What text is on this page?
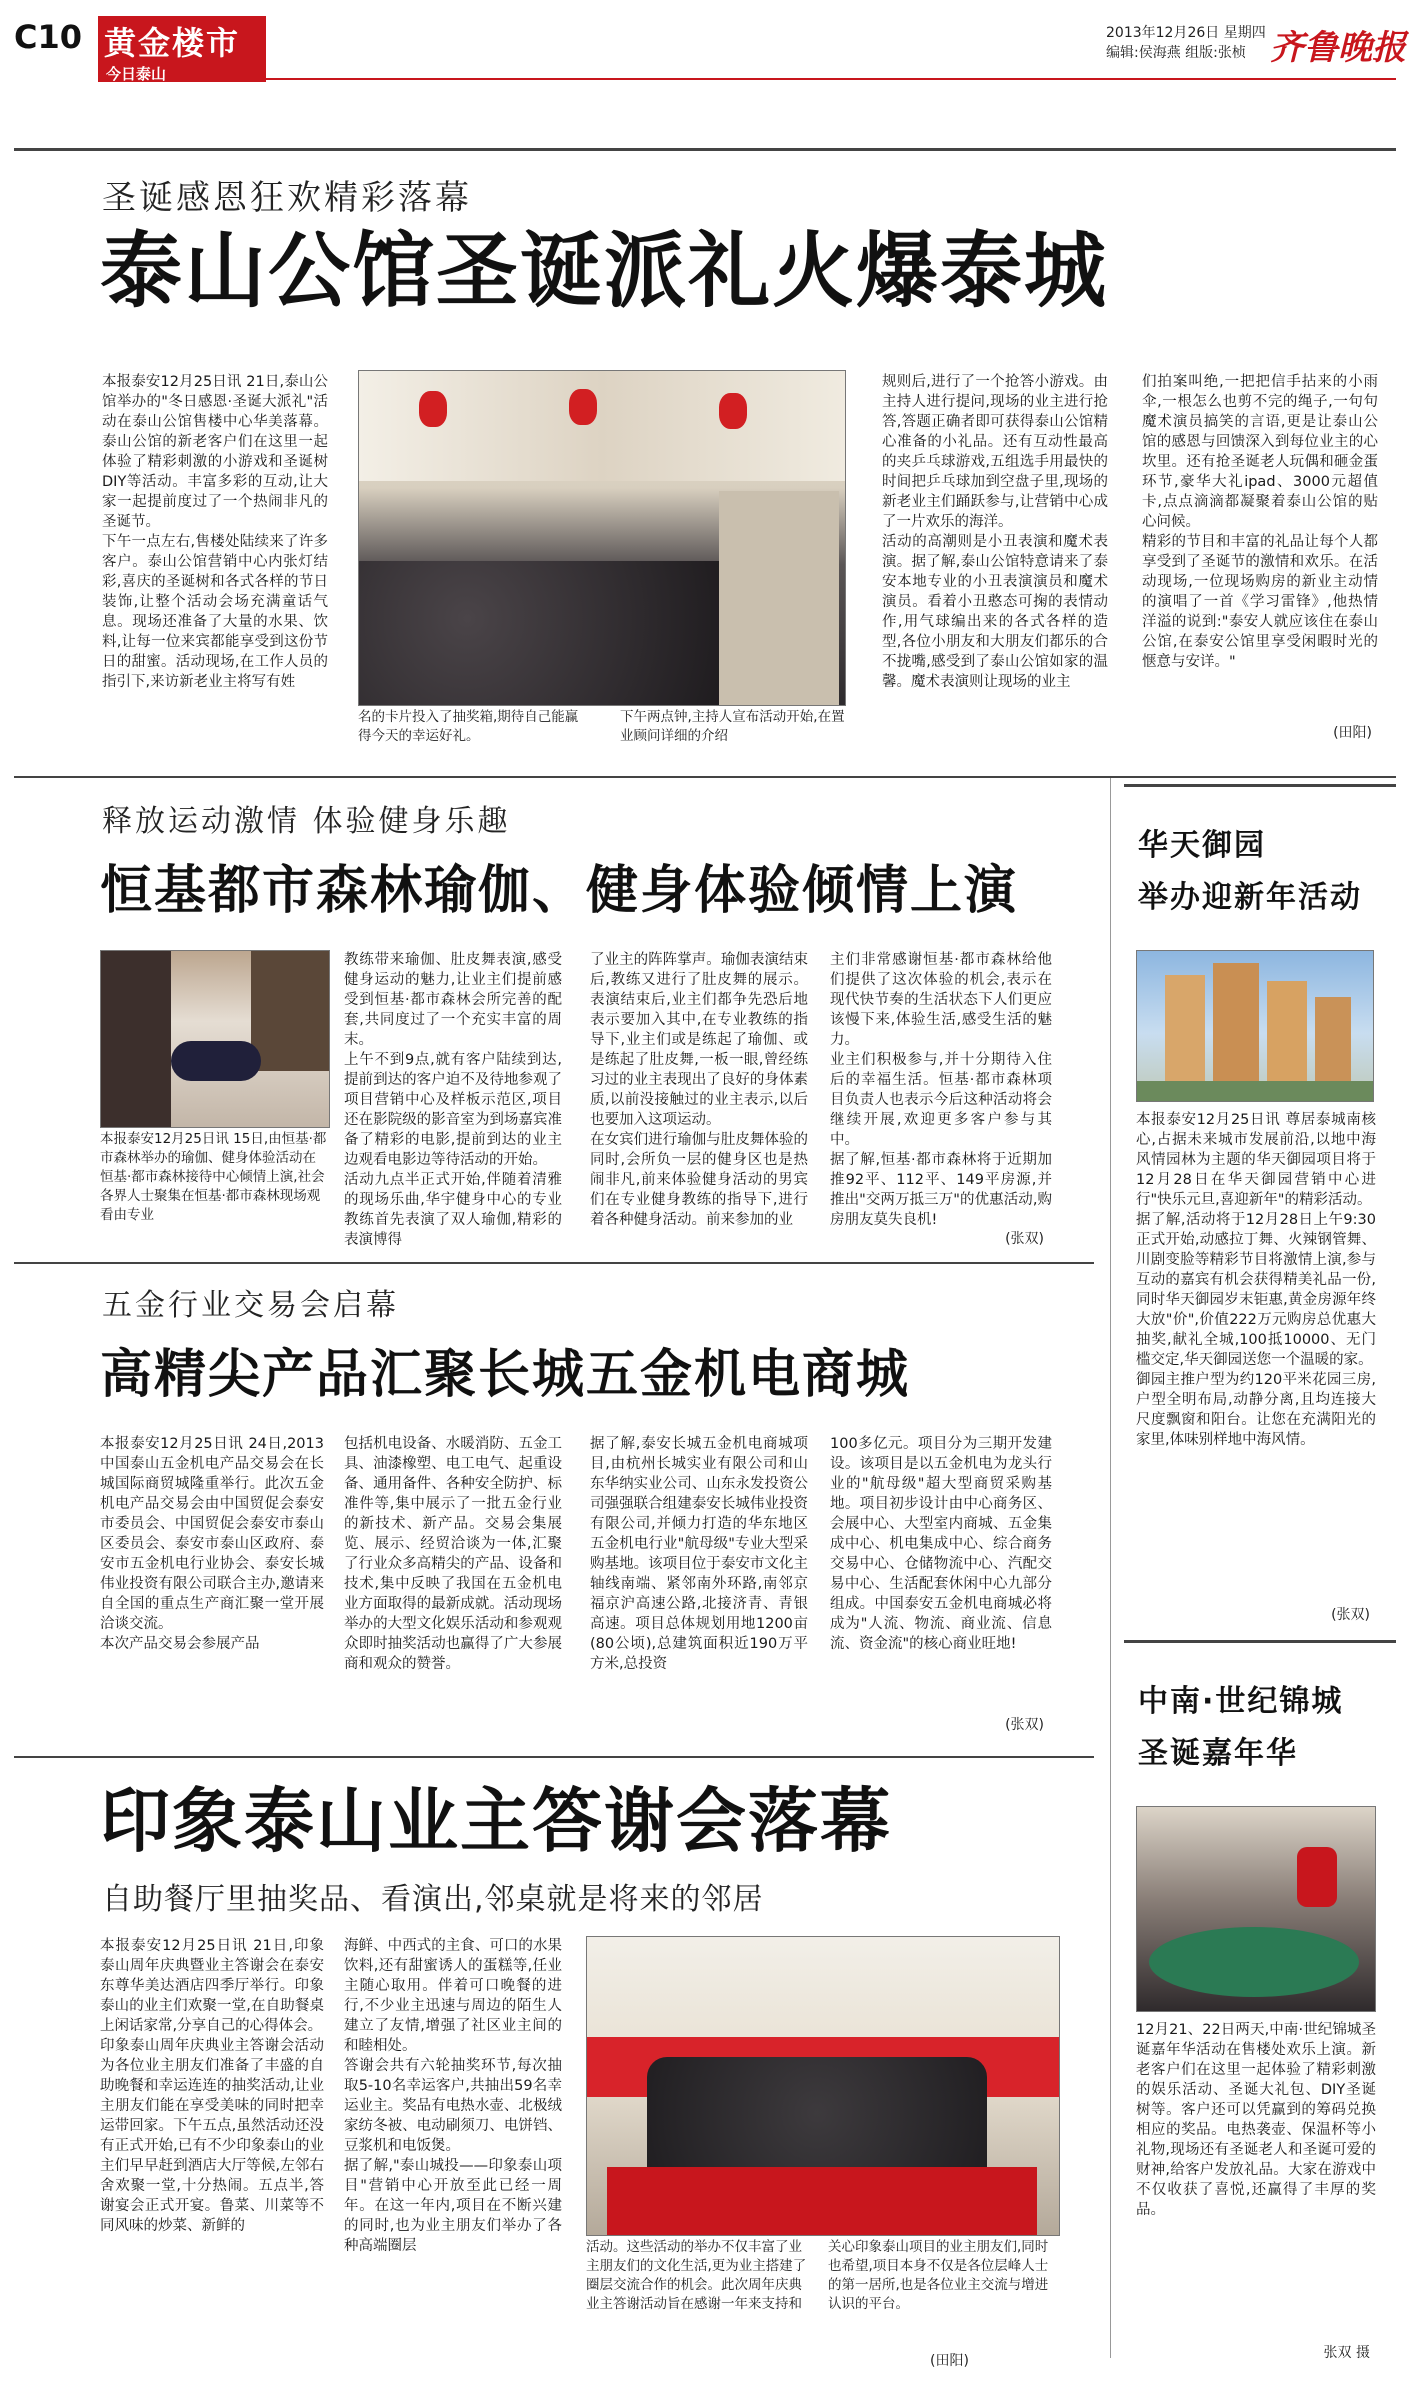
C10 黄金楼市
今日泰山
2013年12月26日 星期四
编辑:侯海燕 组版:张桢 齐鲁晚报
圣诞感恩狂欢精彩落幕
泰山公馆圣诞派礼火爆泰城
本报泰安12月25日讯 21日,泰山公馆举办的"冬日感恩·圣诞大派礼"活动在泰山公馆售楼中心华美落幕。泰山公馆的新老客户们在这里一起体验了精彩刺激的小游戏和圣诞树DIY等活动。丰富多彩的互动,让大家一起提前度过了一个热闹非凡的圣诞节。
下午一点左右,售楼处陆续来了许多客户。泰山公馆营销中心内张灯结彩,喜庆的圣诞树和各式各样的节日装饰,让整个活动会场充满童话气息。现场还准备了大量的水果、饮料,让每一位来宾都能享受到这份节日的甜蜜。活动现场,在工作人员的指引下,来访新老业主将写有姓
名的卡片投入了抽奖箱,期待自己能赢得今天的幸运好礼。
下午两点钟,主持人宣布活动开始,在置业顾问详细的介绍
规则后,进行了一个抢答小游戏。由主持人进行提问,现场的业主进行抢答,答题正确者即可获得泰山公馆精心准备的小礼品。还有互动性最高的夹乒乓球游戏,五组选手用最快的时间把乒乓球加到空盘子里,现场的新老业主们踊跃参与,让营销中心成了一片欢乐的海洋。
活动的高潮则是小丑表演和魔术表演。据了解,泰山公馆特意请来了泰安本地专业的小丑表演演员和魔术演员。看着小丑憨态可掬的表情动作,用气球编出来的各式各样的造型,各位小朋友和大朋友们都乐的合不拢嘴,感受到了泰山公馆如家的温馨。魔术表演则让现场的业主
们拍案叫绝,一把把信手拈来的小雨伞,一根怎么也剪不完的绳子,一句句魔术演员搞笑的言语,更是让泰山公馆的感恩与回馈深入到每位业主的心坎里。还有抢圣诞老人玩偶和砸金蛋环节,豪华大礼ipad、3000元超值卡,点点滴滴都凝聚着泰山公馆的贴心问候。
精彩的节目和丰富的礼品让每个人都享受到了圣诞节的激情和欢乐。在活动现场,一位现场购房的新业主动情的演唱了一首《学习雷锋》,他热情洋溢的说到:"泰安人就应该住在泰山公馆,在泰安公馆里享受闲暇时光的惬意与安详。"
(田阳)
释放运动激情 体验健身乐趣
恒基都市森林瑜伽、健身体验倾情上演
本报泰安12月25日讯 15日,由恒基·都市森林举办的瑜伽、健身体验活动在恒基·都市森林接待中心倾情上演,社会各界人士聚集在恒基·都市森林现场观看由专业
教练带来瑜伽、肚皮舞表演,感受健身运动的魅力,让业主们提前感受到恒基·都市森林会所完善的配套,共同度过了一个充实丰富的周末。
上午不到9点,就有客户陆续到达,提前到达的客户迫不及待地参观了项目营销中心及样板示范区,项目还在影院级的影音室为到场嘉宾准备了精彩的电影,提前到达的业主边观看电影边等待活动的开始。
活动九点半正式开始,伴随着清雅的现场乐曲,华宇健身中心的专业教练首先表演了双人瑜伽,精彩的表演博得
了业主的阵阵掌声。瑜伽表演结束后,教练又进行了肚皮舞的展示。表演结束后,业主们都争先恐后地表示要加入其中,在专业教练的指导下,业主们或是练起了瑜伽、或是练起了肚皮舞,一板一眼,曾经练习过的业主表现出了良好的身体素质,以前没接触过的业主表示,以后也要加入这项运动。
在女宾们进行瑜伽与肚皮舞体验的同时,会所负一层的健身区也是热闹非凡,前来体验健身活动的男宾们在专业健身教练的指导下,进行着各种健身活动。前来参加的业
主们非常感谢恒基·都市森林给他们提供了这次体验的机会,表示在现代快节奏的生活状态下人们更应该慢下来,体验生活,感受生活的魅力。
业主们积极参与,并十分期待入住后的幸福生活。恒基·都市森林项目负责人也表示今后这种活动将会继续开展,欢迎更多客户参与其中。
据了解,恒基·都市森林将于近期加推92平、112平、149平房源,并推出"交两万抵三万"的优惠活动,购房朋友莫失良机!
(张双)
五金行业交易会启幕
高精尖产品汇聚长城五金机电商城
本报泰安12月25日讯 24日,2013中国泰山五金机电产品交易会在长城国际商贸城隆重举行。此次五金机电产品交易会由中国贸促会泰安市委员会、中国贸促会泰安市泰山区委员会、泰安市泰山区政府、泰安市五金机电行业协会、泰安长城伟业投资有限公司联合主办,邀请来自全国的重点生产商汇聚一堂开展洽谈交流。
本次产品交易会参展产品
包括机电设备、水暖消防、五金工具、油漆橡塑、电工电气、起重设备、通用备件、各种安全防护、标准件等,集中展示了一批五金行业的新技术、新产品。交易会集展览、展示、经贸洽谈为一体,汇聚了行业众多高精尖的产品、设备和技术,集中反映了我国在五金机电业方面取得的最新成就。活动现场举办的大型文化娱乐活动和参观观众即时抽奖活动也赢得了广大参展商和观众的赞誉。
据了解,泰安长城五金机电商城项目,由杭州长城实业有限公司和山东华纳实业公司、山东永发投资公司强强联合组建泰安长城伟业投资有限公司,并倾力打造的华东地区五金机电行业"航母级"专业大型采购基地。该项目位于泰安市文化主轴线南端、紧邻南外环路,南邻京福京沪高速公路,北接济青、青银高速。项目总体规划用地1200亩(80公顷),总建筑面积近190万平方米,总投资
100多亿元。项目分为三期开发建设。该项目是以五金机电为龙头行业的"航母级"超大型商贸采购基地。项目初步设计由中心商务区、会展中心、大型室内商城、五金集成中心、机电集成中心、综合商务交易中心、仓储物流中心、汽配交易中心、生活配套休闲中心九部分组成。中国泰安五金机电商城必将成为"人流、物流、商业流、信息流、资金流"的核心商业旺地!
(张双)
印象泰山业主答谢会落幕
自助餐厅里抽奖品、看演出,邻桌就是将来的邻居
本报泰安12月25日讯 21日,印象泰山周年庆典暨业主答谢会在泰安东尊华美达酒店四季厅举行。印象泰山的业主们欢聚一堂,在自助餐桌上闲话家常,分享自己的心得体会。
印象泰山周年庆典业主答谢会活动为各位业主朋友们准备了丰盛的自助晚餐和幸运连连的抽奖活动,让业主朋友们能在享受美味的同时把幸运带回家。下午五点,虽然活动还没有正式开始,已有不少印象泰山的业主们早早赶到酒店大厅等候,左邻右舍欢聚一堂,十分热闹。五点半,答谢宴会正式开宴。鲁菜、川菜等不同风味的炒菜、新鲜的
海鲜、中西式的主食、可口的水果饮料,还有甜蜜诱人的蛋糕等,任业主随心取用。伴着可口晚餐的进行,不少业主迅速与周边的陌生人建立了友情,增强了社区业主间的和睦相处。
答谢会共有六轮抽奖环节,每次抽取5-10名幸运客户,共抽出59名幸运业主。奖品有电热水壶、北极绒家纺冬被、电动刷须刀、电饼铛、豆浆机和电饭煲。
据了解,"泰山城投——印象泰山项目"营销中心开放至此已经一周年。在这一年内,项目在不断兴建的同时,也为业主朋友们举办了各种高端圈层	活动。这些活动的举办不仅丰富了业主朋友们的文化生活,更为业主搭建了圈层交流合作的机会。此次周年庆典业主答谢活动旨在感谢一年来支持和
关心印象泰山项目的业主朋友们,同时也希望,项目本身不仅是各位层峰人士的第一居所,也是各位业主交流与增进认识的平台。
(田阳)
华天御园
举办迎新年活动
本报泰安12月25日讯 尊居泰城南核心,占据未来城市发展前沿,以地中海风情园林为主题的华天御园项目将于12月28日在华天御园营销中心进行"快乐元旦,喜迎新年"的精彩活动。
据了解,活动将于12月28日上午9:30正式开始,动感拉丁舞、火辣钢管舞、川剧变脸等精彩节目将激情上演,参与互动的嘉宾有机会获得精美礼品一份,同时华天御园岁末钜惠,黄金房源年终大放"价",价值222万元购房总优惠大抽奖,献礼全城,100抵10000、无门槛交定,华天御园送您一个温暖的家。
御园主推户型为约120平米花园三房,户型全明布局,动静分离,且均连接大尺度飘窗和阳台。让您在充满阳光的家里,体味别样地中海风情。
(张双)
中南·世纪锦城
圣诞嘉年华
12月21、22日两天,中南·世纪锦城圣诞嘉年华活动在售楼处欢乐上演。新老客户们在这里一起体验了精彩刺激的娱乐活动、圣诞大礼包、DIY圣诞树等。客户还可以凭赢到的筹码兑换相应的奖品。电热袭壶、保温杯等小礼物,现场还有圣诞老人和圣诞可爱的财神,给客户发放礼品。大家在游戏中不仅收获了喜悦,还赢得了丰厚的奖品。
张双 摄
